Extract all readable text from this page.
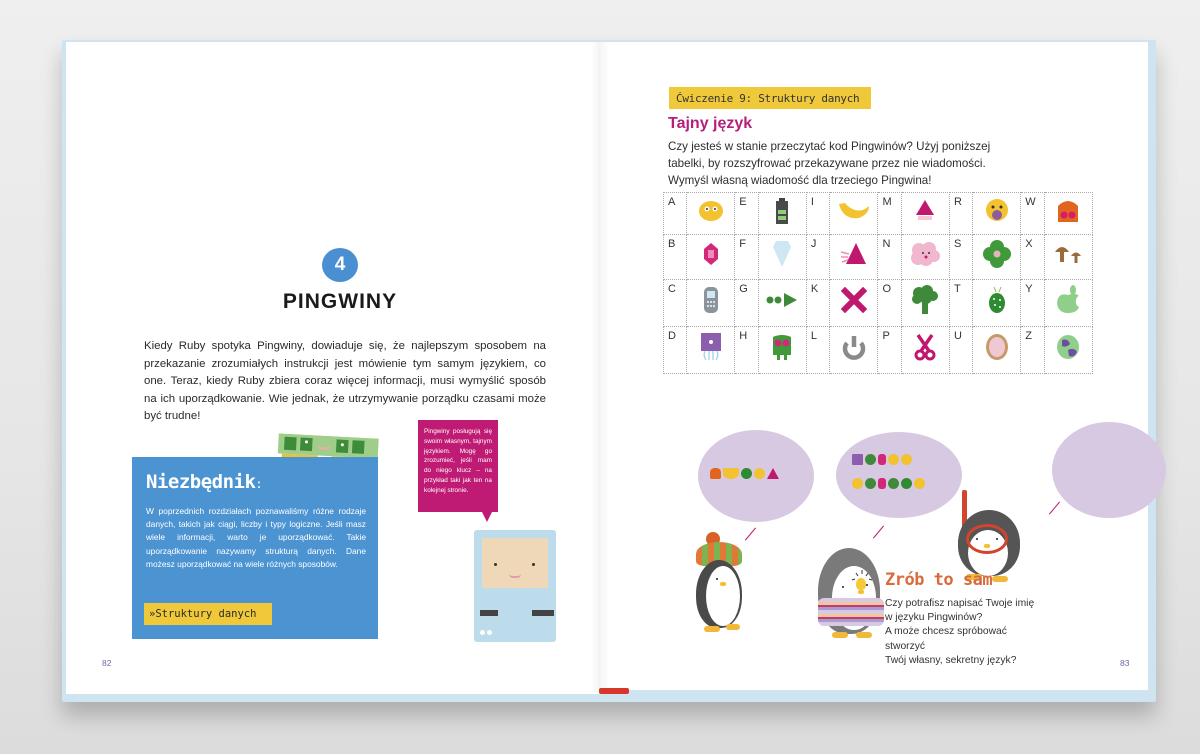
4
PINGWINY

Kiedy Ruby spotyka Pingwiny, dowiaduje się, że najlepszym sposobem na przekazanie zrozumiałych instrukcji jest mówienie tym samym językiem, co one. Teraz, kiedy Ruby zbiera coraz więcej informacji, musi wymyślić sposób na ich uporządkowanie. Wie jednak, że utrzymywanie porządku czasami może być trudne!

Niezbędnik:

W poprzednich rozdziałach poznawaliśmy różne rodzaje danych, takich jak ciągi, liczby i typy logiczne. Jeśli masz wiele informacji, warto je uporządkować. Takie uporządkowanie nazywamy strukturą danych. Dane możesz uporządkować na wiele różnych sposobów.

»Struktury danych
Pingwiny posługują się swoim własnym, tajnym językiem. Mogę go zrozumieć, jeśli mam do niego klucz – na przykład taki jak ten na kolejnej stronie.
82
Ćwiczenie 9: Struktury danych
Tajny język

Czy jesteś w stanie przeczytać kod Pingwinów? Użyj poniższej tabelki, by rozszyfrować przekazywane przez nie wiadomości. Wymyśl własną wiadomość dla trzeciego Pingwina!

A		E		I		M		R		W	
B		F		J		N		S		X	
C		G		K		O		T		Y	
D		H		L		P		U		Z	
83
Zrób to sam
Czy potrafisz napisać Twoje imię
w języku Pingwinów?
A może chcesz spróbować stworzyć
Twój własny, sekretny język?
